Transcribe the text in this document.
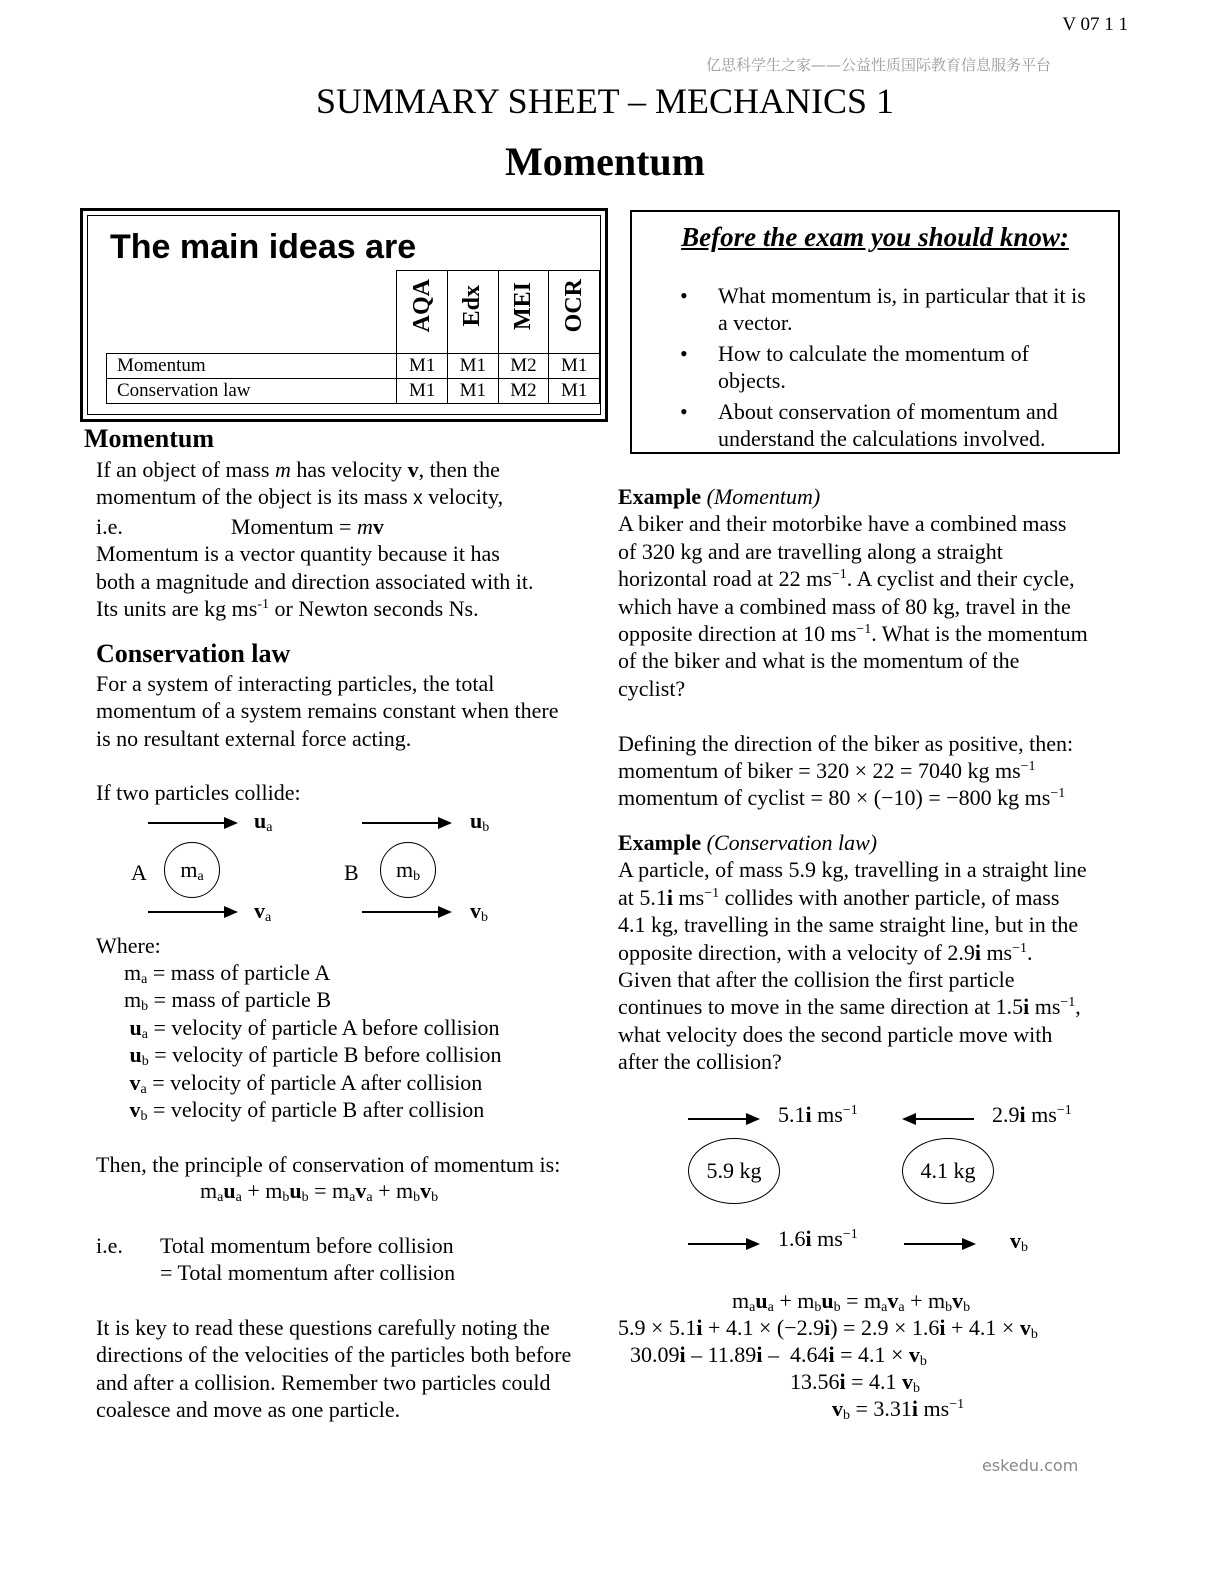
V 07 1 1
亿思科学生之家——公益性质国际教育信息服务平台
SUMMARY SHEET – MECHANICS 1
Momentum
The main ideas are
	AQA	Edx	MEI	OCR
Momentum	M1	M1	M2	M1
Conservation law	M1	M1	M2	M1
Before the exam you should know:
• What momentum is, in particular that it is a vector.
• How to calculate the momentum of objects.
• About conservation of momentum and understand the calculations involved.
Momentum

If an object of mass m has velocity v, then the

momentum of the object is its mass x velocity,

i.e.	Momentum = mv

Momentum is a vector quantity because it has

both a magnitude and direction associated with it.

Its units are kg $ms^{-1}$ or Newton seconds Ns.

Conservation law
For a system of interacting particles, the total momentum of a system remains constant when there is no resultant external force acting.
If two particles collide:
$u_a$	$u_b$
A $m_a$	B $m_b$
$v_a$	$v_b$
Where:

$m_a$ = mass of particle A

$m_b$ = mass of particle B

$u_a$ = velocity of particle A before collision

$u_b$ = velocity of particle B before collision

$v_a$ = velocity of particle A after collision

$v_b$ = velocity of particle B after collision

Then, the principle of conservation of momentum is:
$m_au_a + m_bu_b = m_av_a + m_bv_b$
i.e. Total momentum before collision
= Total momentum after collision
It is key to read these questions carefully noting the directions of the velocities of the particles both before and after a collision. Remember two particles could coalesce and move as one particle.

Example (Momentum)

A biker and their motorbike have a combined mass

of 320 kg and are travelling along a straight

horizontal road at 22 $ms^{-1}$. A cyclist and their cycle,

which have a combined mass of 80 kg, travel in the

opposite direction at 10 $ms^{-1}$. What is the momentum

of the biker and what is the momentum of the

cyclist?

Defining the direction of the biker as positive, then:

momentum of biker = 320 × 22 = 7040 kg $ms^{-1}$

momentum of cyclist = 80 × (−10) = −800 kg $ms^{-1}$

Example (Conservation law)

A particle, of mass 5.9 kg, travelling in a straight line

at 5.1i $ms^{-1}$ collides with another particle, of mass

4.1 kg, travelling in the same straight line, but in the

opposite direction, with a velocity of 2.9i $ms^{-1}$.

Given that after the collision the first particle

continues to move in the same direction at 1.5i $ms^{-1}$,

what velocity does the second particle move with

after the collision?

5.1i $ms^{-1}$	2.9i $ms^{-1}$
5.9 kg	4.1 kg
1.6i $ms^{-1}$	$v_b$
$m_au_a + m_bu_b = m_av_a + m_bv_b$
$5.9 \times 5.1i + 4.1 \times (-2.9i) = 2.9 \times 1.6i + 4.1 \times v_b$
$30.09i - 11.89i - 4.64i = 4.1 \times v_b$
13.56i = 4.1 $v_b$
$v_b = 3.31i$ $ms^{-1}$
eskedu.com
